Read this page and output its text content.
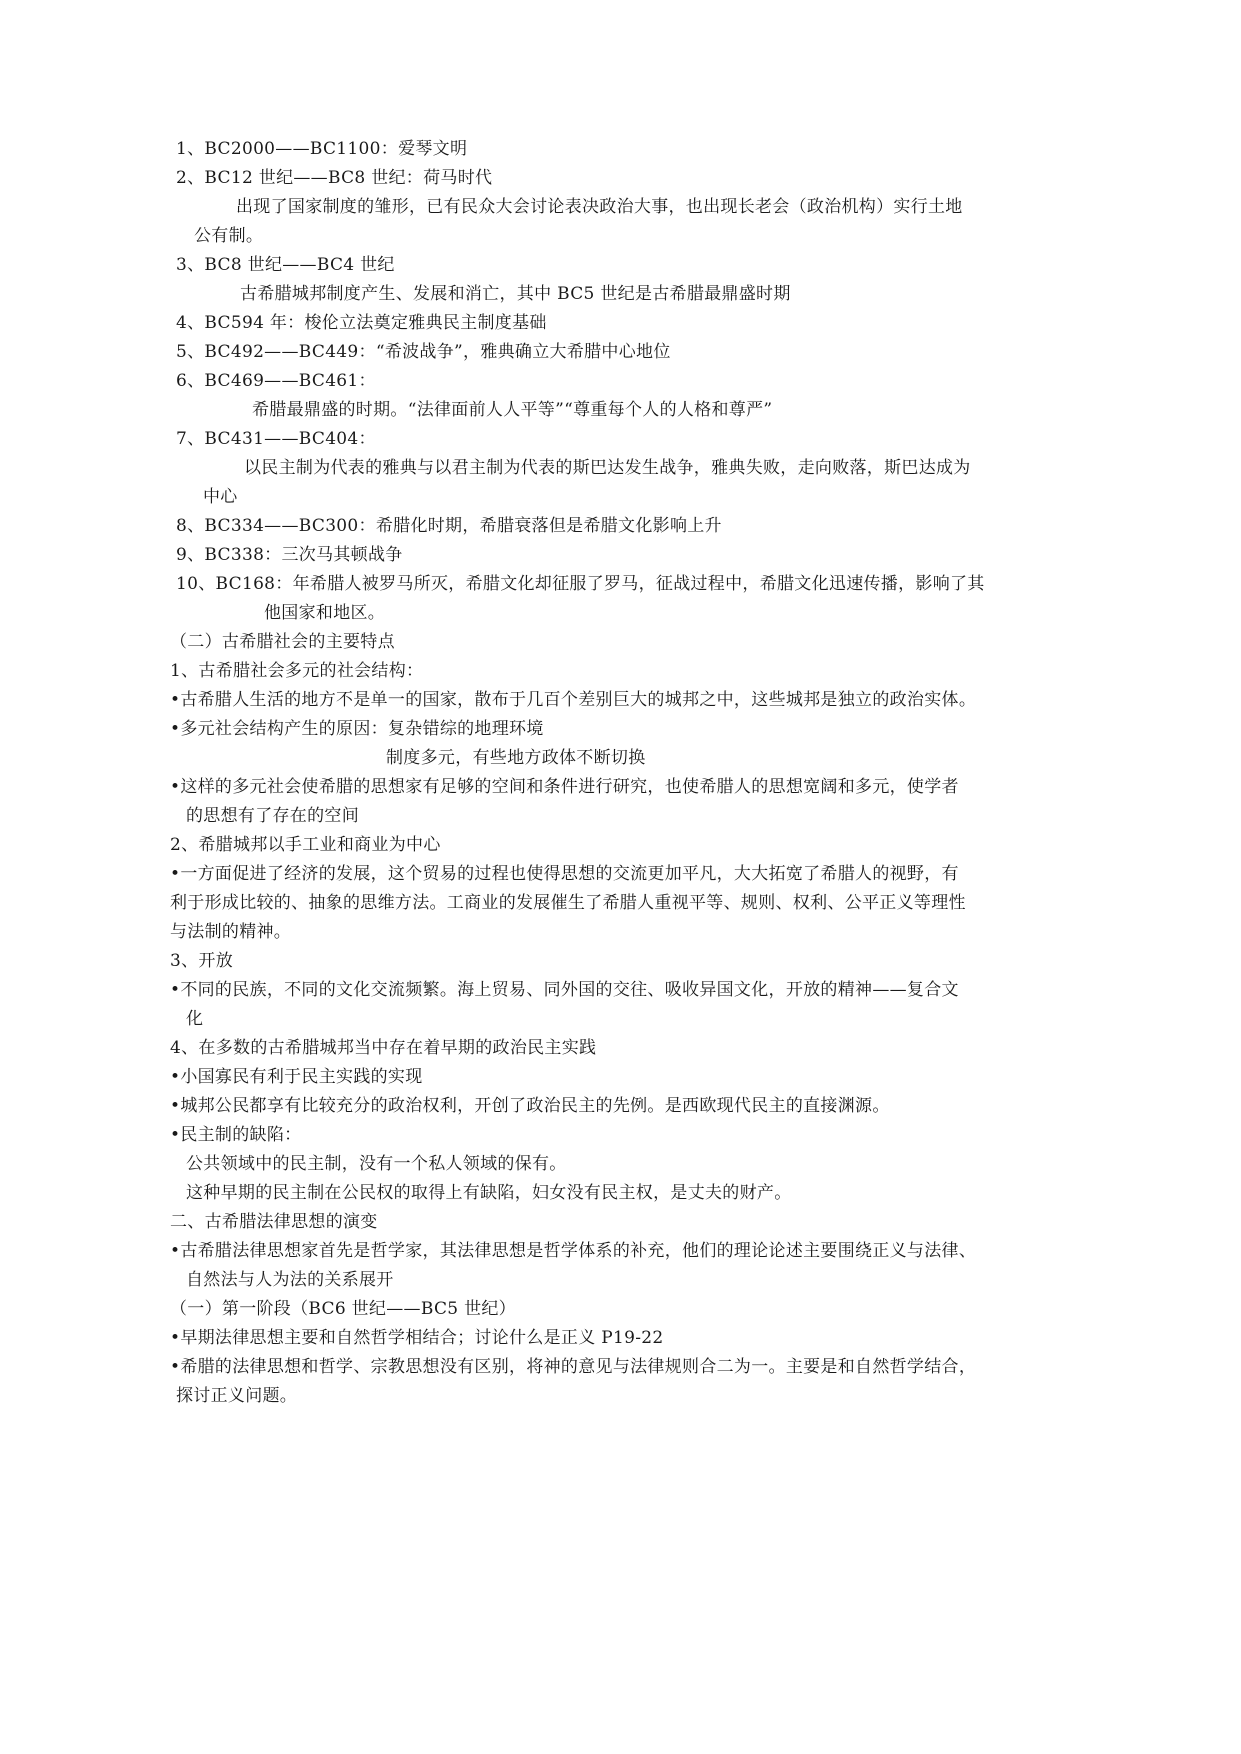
1、BC2000——BC1100：爱琴文明
2、BC12 世纪——BC8 世纪：荷马时代
出现了国家制度的雏形，已有民众大会讨论表决政治大事，也出现长老会（政治机构）实行土地
公有制。
3、BC8 世纪——BC4 世纪
古希腊城邦制度产生、发展和消亡，其中 BC5 世纪是古希腊最鼎盛时期
4、BC594 年：梭伦立法奠定雅典民主制度基础
5、BC492——BC449：“希波战争”，雅典确立大希腊中心地位
6、BC469——BC461：
希腊最鼎盛的时期。“法律面前人人平等”“尊重每个人的人格和尊严”
7、BC431——BC404：
以民主制为代表的雅典与以君主制为代表的斯巴达发生战争，雅典失败，走向败落，斯巴达成为
中心
8、BC334——BC300：希腊化时期，希腊衰落但是希腊文化影响上升
9、BC338：三次马其顿战争
10、BC168：年希腊人被罗马所灭，希腊文化却征服了罗马，征战过程中，希腊文化迅速传播，影响了其
他国家和地区。
（二）古希腊社会的主要特点
1、古希腊社会多元的社会结构：
•古希腊人生活的地方不是单一的国家，散布于几百个差别巨大的城邦之中，这些城邦是独立的政治实体。
•多元社会结构产生的原因：复杂错综的地理环境
制度多元，有些地方政体不断切换
•这样的多元社会使希腊的思想家有足够的空间和条件进行研究，也使希腊人的思想宽阔和多元，使学者
的思想有了存在的空间
2、希腊城邦以手工业和商业为中心
•一方面促进了经济的发展，这个贸易的过程也使得思想的交流更加平凡，大大拓宽了希腊人的视野，有
利于形成比较的、抽象的思维方法。工商业的发展催生了希腊人重视平等、规则、权利、公平正义等理性
与法制的精神。
3、开放
•不同的民族，不同的文化交流频繁。海上贸易、同外国的交往、吸收异国文化，开放的精神——复合文
化
4、在多数的古希腊城邦当中存在着早期的政治民主实践
•小国寡民有利于民主实践的实现
•城邦公民都享有比较充分的政治权利，开创了政治民主的先例。是西欧现代民主的直接渊源。
•民主制的缺陷：
公共领域中的民主制，没有一个私人领域的保有。
这种早期的民主制在公民权的取得上有缺陷，妇女没有民主权，是丈夫的财产。
二、古希腊法律思想的演变
•古希腊法律思想家首先是哲学家，其法律思想是哲学体系的补充，他们的理论论述主要围绕正义与法律、
自然法与人为法的关系展开
（一）第一阶段（BC6 世纪——BC5 世纪）
•早期法律思想主要和自然哲学相结合；讨论什么是正义 P19-22
•希腊的法律思想和哲学、宗教思想没有区别，将神的意见与法律规则合二为一。主要是和自然哲学结合，
探讨正义问题。
